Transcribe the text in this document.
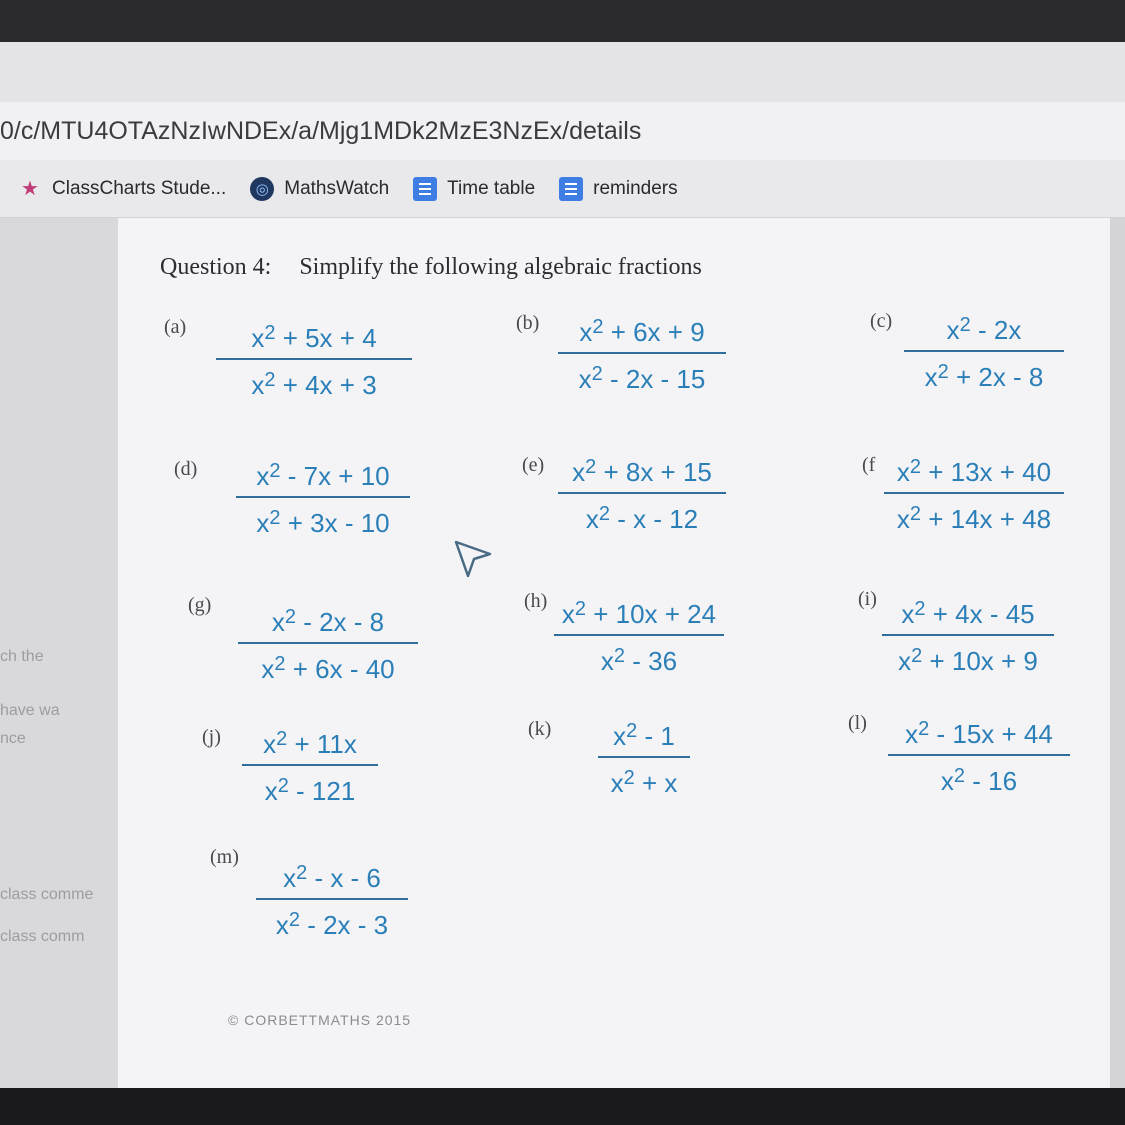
0/c/MTU4OTAzNzIwNDEx/a/Mjg1MDk2MzE3NzEx/details
★ ClassCharts Stude...	◎ MathsWatch	Time table	reminders
ch the
have wa
nce
class comme
class comm
Question 4: Simplify the following algebraic fractions
(a)	$x^2 + 5x + 4$
$x^2 + 4x + 3$
(b)	$x^2 + 6x + 9$
$x^2 - 2x - 15$
(c)	$x^2 - 2x$
$x^2 + 2x - 8$
(d)	$x^2 - 7x + 10$
$x^2 + 3x - 10$
(e)	$x^2 + 8x + 15$
$x^2$ - x - 12
(f $x^2 + 13x + 40$
$x^2 + 14x + 48$
(g)
$x^2 - 2x - 8$
$x^2 + 6x - 40$
(h) $x^2 + 10x + 24$
$x^2 - 36$
(i) $x^2 + 4x - 45$
$x^2 + 10x + 9$
(j)	$x^2 + 11x$
$x^2 - 121$
(k)	$x^2 - 1$
$x^2 + x$
(l)	$x^2 - 15x + 44$
$x^2 - 16$
(m)
$x^2$ - x - 6
$x^2 - 2x - 3$
© CORBETTMATHS 2015
